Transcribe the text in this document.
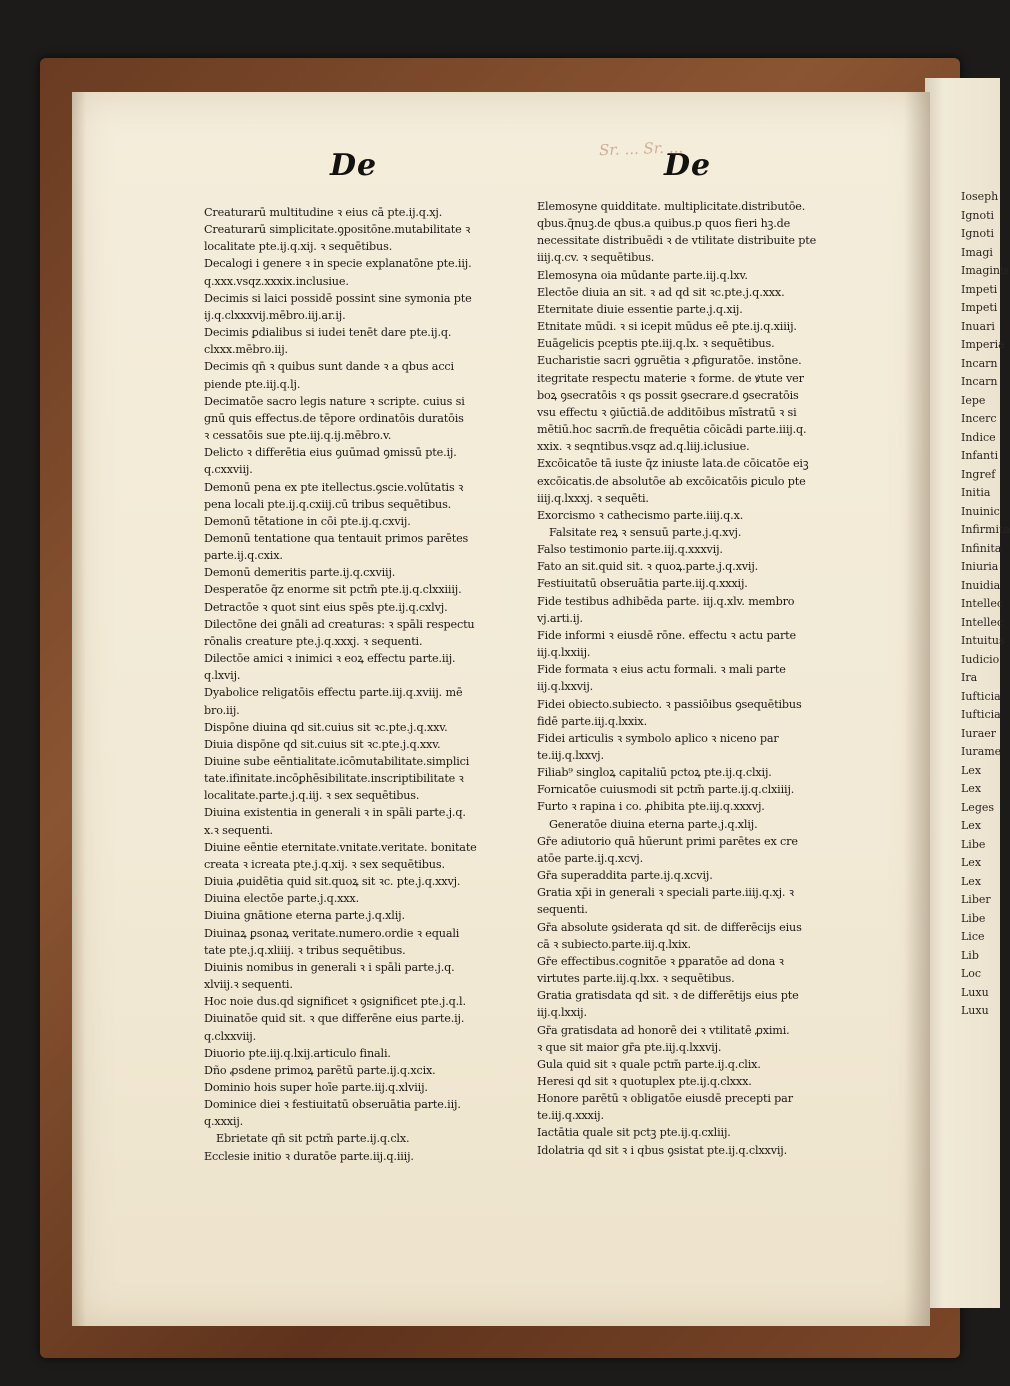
Ioseph
Ignoti
Ignoti
Imagi
Imaginis
Impeti
Impeti
Inuari
Imperia
Incarn
Incarn
Iepe
Incerc
Indice
Infanti
Ingref
Initia
Inuinic
Infirmita
Infinita
Iniuria
Inuidia
Intellec
Intellec
Intuitus
Iudicio
Ira
Iufticia
Iufticia
Iuraer
Iurame
Lex
Lex
Leges
Lex
Libe
Lex
Lex
Liber
Libe
Lice
Lib
Loc
Luxu
Luxu
Sr. ... Sr. ...
De	De
Creaturarū multitudine ꝛ eius cā pte.ij.q.xj.
Creaturarū simplicitate.ꝯpositōne.mutabilitate ꝛ
localitate pte.ij.q.xij. ꝛ sequētibus.
Decalogi i genere ꝛ in specie explanatōne pte.iij.
q.xxx.vsqz.xxxix.inclusiue.
Decimis si laici possidē possint sine symonia pte
ij.q.clxxxvij.mēbro.iij.ar.ij.
Decimis ꝑdialibus si iudei tenēt dare pte.ij.q.
clxxx.mēbro.iij.
Decimis qn̄ ꝛ quibus sunt dande ꝛ a qbus acci
piende pte.iij.q.lj.
Decimatōe sacro legis nature ꝛ scripte. cuius si
gnū quis effectus.de tēpore ordinatōis duratōis
ꝛ cessatōis sue pte.iij.q.ij.mēbro.v.
Delicto ꝛ differētia eius ꝯuūmad ꝯmissū pte.ij.
q.cxxviij.
Demonū pena ex pte itellectus.ꝯscie.volūtatis ꝛ
pena locali pte.ij.q.cxiij.cū tribus sequētibus.
Demonū tētatione in cōi pte.ij.q.cxvij.
Demonū tentatione qua tentauit primos parētes
parte.ij.q.cxix.
Demonū demeritis parte.ij.q.cxviij.
Desperatōe q̄z enorme sit pctm̄ pte.ij.q.clxxiiij.
Detractōe ꝛ quot sint eius spēs pte.ij.q.cxlvj.
Dilectōne dei gnāli ad creaturas: ꝛ spāli respectu
rōnalis creature pte.j.q.xxxj. ꝛ sequenti.
Dilectōe amici ꝛ inimici ꝛ eoꝝ effectu parte.iij.
q.lxvij.
Dyabolice religatōis effectu parte.iij.q.xviij. mē
bro.iij.
Dispōne diuina qd sit.cuius sit ꝛc.pte.j.q.xxv.
Diuia dispōne qd sit.cuius sit ꝛc.pte.j.q.xxv.
Diuine sube eēntialitate.icōmutabilitate.simplici
tate.ifinitate.incōꝑhēsibilitate.inscriptibilitate ꝛ
localitate.parte.j.q.iij. ꝛ sex sequētibus.
Diuina existentia in generali ꝛ in spāli parte.j.q.
x.ꝛ sequenti.
Diuine eēntie eternitate.vnitate.veritate. bonitate
creata ꝛ icreata pte.j.q.xij. ꝛ sex sequētibus.
Diuia ꝓuidētia quid sit.quoꝝ sit ꝛc. pte.j.q.xxvj.
Diuina electōe parte.j.q.xxx.
Diuina gnātione eterna parte.j.q.xlij.
Diuinaꝝ ꝑsonaꝝ veritate.numero.ordie ꝛ equali
tate pte.j.q.xliiij. ꝛ tribus sequētibus.
Diuinis nomibus in generali ꝛ i spāli parte.j.q.
xlviij.ꝛ sequenti.
Hoc noie dus.qd significet ꝛ ꝯsignificet pte.j.q.l.
Diuinatōe quid sit. ꝛ que differēne eius parte.ij.
q.clxxviij.
Diuorio pte.iij.q.lxij.articulo finali.
Dño ꝓsdene primoꝝ parētū parte.ij.q.xcix.
Dominio hois super hoīe parte.iij.q.xlviij.
Dominice diei ꝛ festiuitatū obseruātia parte.iij.
q.xxxij.
Ebrietate qn̄ sit pctm̄ parte.ij.q.clx.
Ecclesie initio ꝛ duratōe parte.iij.q.iiij.
Elemosyne quidditate. multiplicitate.distributōe.
qbus.q̄nuꝫ.de qbus.a quibus.p quos fieri hꝫ.de
necessitate distribuēdi ꝛ de vtilitate distribuite pte
iiij.q.cv. ꝛ sequētibus.
Elemosyna oia mūdante parte.iij.q.lxv.
Electōe diuia an sit. ꝛ ad qd sit ꝛc.pte.j.q.xxx.
Eternitate diuie essentie parte.j.q.xij.
Etnitate mūdi. ꝛ si icepit mūdus eē pte.ij.q.xiiij.
Euāgelicis pceptis pte.iij.q.lx. ꝛ sequētibus.
Eucharistie sacri ꝯgruētia ꝛ ꝓfiguratōe. instōne.
itegritate respectu materie ꝛ forme. de ꝟtute ver
boꝝ ꝯsecratōis ꝛ qs possit ꝯsecrare.d ꝯsecratōis
vsu effectu ꝛ ꝯiūctiā.de additōibus mīstratū ꝛ si
mētiū.hoc sacrm̄.de frequētia cōicādi parte.iiij.q.
xxix. ꝛ seqntibus.vsqz ad.q.liij.iclusiue.
Excōicatōe tā iuste q̄z iniuste lata.de cōicatōe eiꝫ
excōicatis.de absolutōe ab excōicatōis ꝑiculo pte
iiij.q.lxxxj. ꝛ sequēti.
Exorcismo ꝛ cathecismo parte.iiij.q.x.
Falsitate reꝝ ꝛ sensuū parte.j.q.xvj.
Falso testimonio parte.iij.q.xxxvij.
Fato an sit.quid sit. ꝛ quoꝝ.parte.j.q.xvij.
Festiuitatū obseruātia parte.iij.q.xxxij.
Fide testibus adhibēda parte. iij.q.xlv. membro
vj.arti.ij.
Fide informi ꝛ eiusdē rōne. effectu ꝛ actu parte
iij.q.lxxiij.
Fide formata ꝛ eius actu formali. ꝛ mali parte
iij.q.lxxvij.
Fidei obiecto.subiecto. ꝛ passiōibus ꝯsequētibus
fidē parte.iij.q.lxxix.
Fidei articulis ꝛ symbolo aplico ꝛ niceno par
te.iij.q.lxxvj.
Filiab⁹ singloꝝ capitaliū pctoꝝ pte.ij.q.clxij.
Fornicatōe cuiusmodi sit pctm̄ parte.ij.q.clxiiij.
Furto ꝛ rapina i co. ꝓhibita pte.iij.q.xxxvj.
Generatōe diuina eterna parte.j.q.xlij.
Gr̄e adiutorio quā hūerunt primi parētes ex cre
atōe parte.ij.q.xcvj.
Gr̄a superaddita parte.ij.q.xcvij.
Gratia xp̄i in generali ꝛ speciali parte.iiij.q.xj. ꝛ
sequenti.
Gr̄a absolute ꝯsiderata qd sit. de differēcijs eius
cā ꝛ subiecto.parte.iij.q.lxix.
Gr̄e effectibus.cognitōe ꝛ ꝑparatōe ad dona ꝛ
virtutes parte.iij.q.lxx. ꝛ sequētibus.
Gratia gratisdata qd sit. ꝛ de differētijs eius pte
iij.q.lxxij.
Gr̄a gratisdata ad honorē dei ꝛ vtilitatē ꝓximi.
ꝛ que sit maior gr̄a pte.iij.q.lxxvij.
Gula quid sit ꝛ quale pctm̄ parte.ij.q.clix.
Heresi qd sit ꝛ quotuplex pte.ij.q.clxxx.
Honore parētū ꝛ obligatōe eiusdē precepti par
te.iij.q.xxxij.
Iactātia quale sit pctꝫ pte.ij.q.cxliij.
Idolatria qd sit ꝛ i qbus ꝯsistat pte.ij.q.clxxvij.
